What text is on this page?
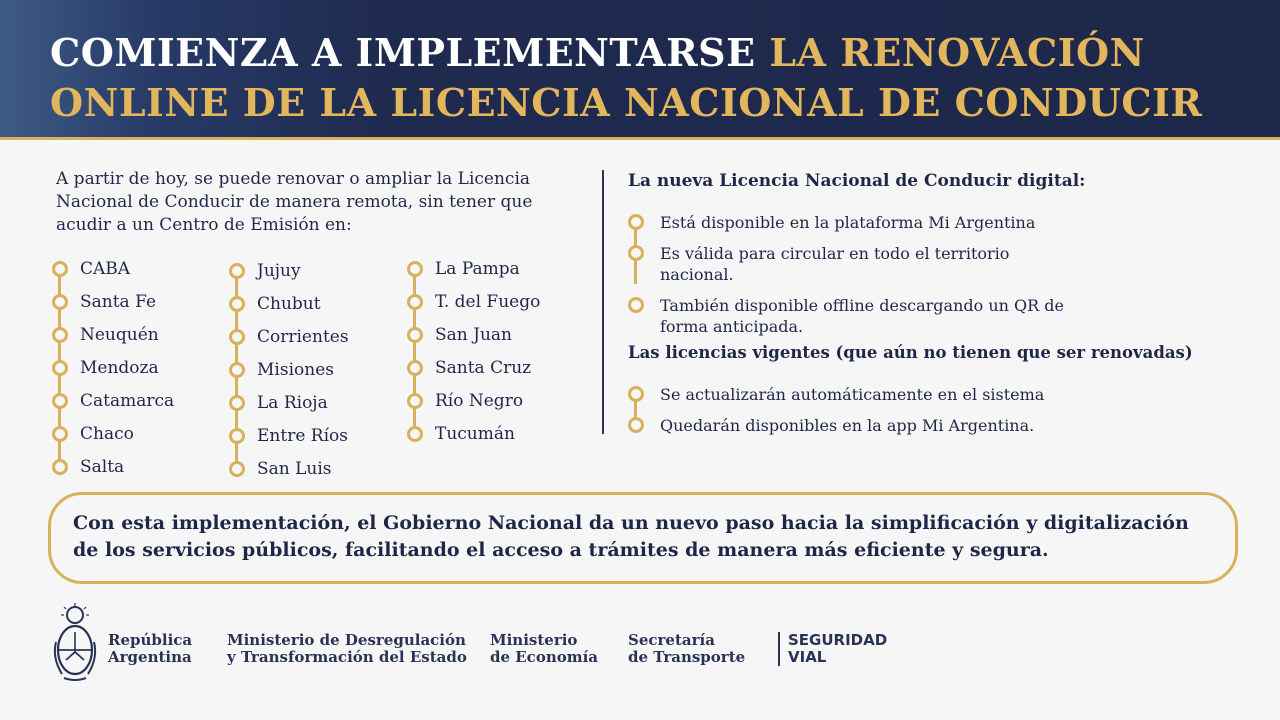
COMIENZA A IMPLEMENTARSE LA RENOVACIÓN ONLINE DE LA LICENCIA NACIONAL DE CONDUCIR

A partir de hoy, se puede renovar o ampliar la Licencia Nacional de Conducir de manera remota, sin tener que acudir a un Centro de Emisión en:

CABA
Santa Fe
Neuquén
Mendoza
Catamarca
Chaco
Salta
Jujuy
Chubut
Corrientes
Misiones
La Rioja
Entre Ríos
San Luis
La Pampa
T. del Fuego
San Juan
Santa Cruz
Río Negro
Tucumán
La nueva Licencia Nacional de Conducir digital:
Está disponible en la plataforma Mi Argentina
Es válida para circular en todo el territorio nacional.
También disponible offline descargando un QR de forma anticipada.
Las licencias vigentes (que aún no tienen que ser renovadas)
Se actualizarán automáticamente en el sistema
Quedarán disponibles en la app Mi Argentina.
Con esta implementación, el Gobierno Nacional da un nuevo paso hacia la simplificación y digitalización de los servicios públicos, facilitando el acceso a trámites de manera más eficiente y segura.
República
Argentina
Ministerio de Desregulación
y Transformación del Estado
Ministerio
de Economía
Secretaría
de Transporte
SEGURIDAD
VIAL
